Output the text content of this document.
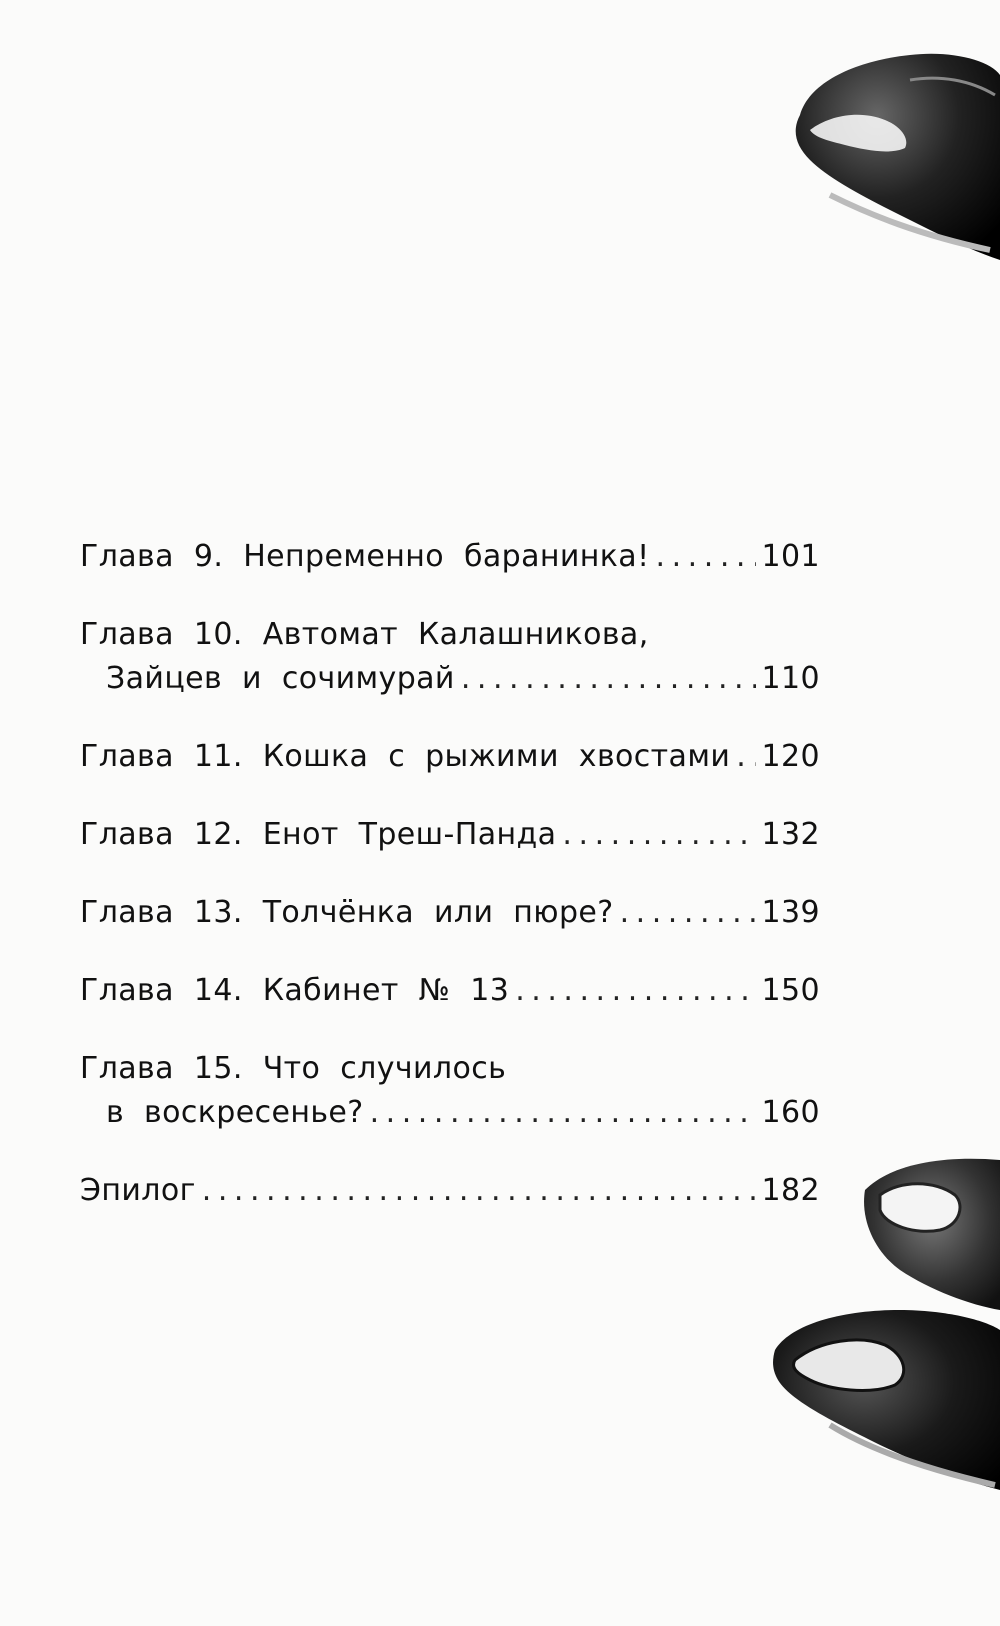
Глава 9. Непременно баранинка! . . .	101
Глава 10. Автомат Калашникова,
Зайцев и сочимурай . . .	110
Глава 11. Кошка с рыжими хвостами . . . 120
Глава 12. Енот Треш-Панда . . .	132
Глава 13. Толчёнка или пюре? . . .	139
Глава 14. Кабинет № 13 . . .	150
Глава 15. Что случилось
в воскресенье? . . .	160
Эпилог . . .	182
